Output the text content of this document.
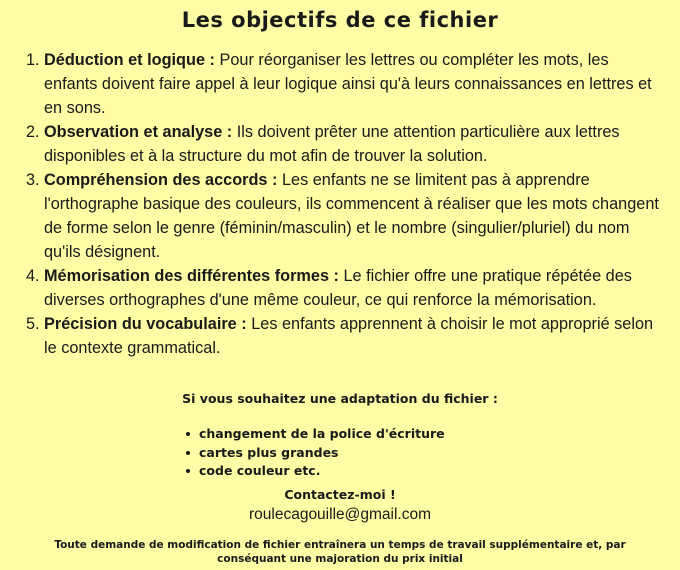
Les objectifs de ce fichier
1. Déduction et logique : Pour réorganiser les lettres ou compléter les mots, les enfants doivent faire appel à leur logique ainsi qu'à leurs connaissances en lettres et en sons.
2. Observation et analyse : Ils doivent prêter une attention particulière aux lettres disponibles et à la structure du mot afin de trouver la solution.
3. Compréhension des accords : Les enfants ne se limitent pas à apprendre l'orthographe basique des couleurs, ils commencent à réaliser que les mots changent de forme selon le genre (féminin/masculin) et le nombre (singulier/pluriel) du nom qu'ils désignent.
4. Mémorisation des différentes formes : Le fichier offre une pratique répétée des diverses orthographes d'une même couleur, ce qui renforce la mémorisation.
5. Précision du vocabulaire : Les enfants apprennent à choisir le mot approprié selon le contexte grammatical.
Si vous souhaitez une adaptation du fichier :
changement de la police d'écriture
cartes plus grandes
code couleur etc.
Contactez-moi !
roulecagouille@gmail.com
Toute demande de modification de fichier entraînera un temps de travail supplémentaire et, par conséquant une majoration du prix initial
